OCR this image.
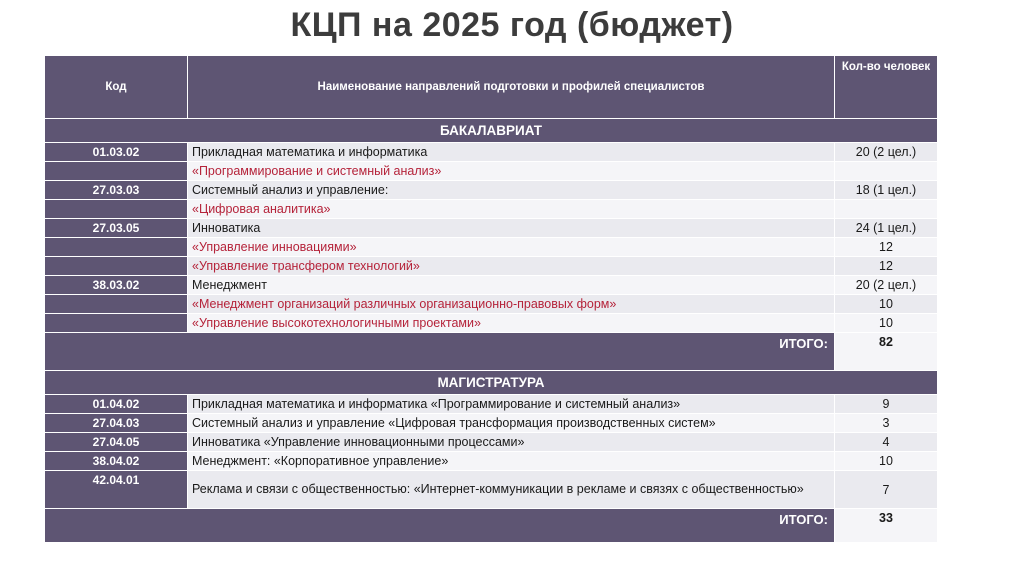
КЦП на 2025 год (бюджет)
Код	Наименование направлений подготовки и профилей специалистов	Кол-во человек
БАКАЛАВРИАТ		
01.03.02	Прикладная математика и информатика	20 (2 цел.)
	«Программирование и системный анализ»	
27.03.03	Системный анализ и управление:	18 (1 цел.)
	«Цифровая аналитика»	
27.03.05	Инноватика	24 (1 цел.)
	«Управление инновациями»	12
	«Управление трансфером технологий»	12
38.03.02	Менеджмент	20 (2 цел.)
	«Менеджмент организаций различных организационно-правовых форм»	10
	«Управление высокотехнологичными проектами»	10
ИТОГО:		82
МАГИСТРАТУРА		
01.04.02	Прикладная математика и информатика «Программирование и системный анализ»	9
27.04.03	Системный анализ и управление «Цифровая трансформация производственных систем»	3
27.04.05	Инноватика «Управление инновационными процессами»	4
38.04.02	Менеджмент: «Корпоративное управление»	10
42.04.01	Реклама и связи с общественностью: «Интернет-коммуникации в рекламе и связях с общественностью»	7
ИТОГО:		33
